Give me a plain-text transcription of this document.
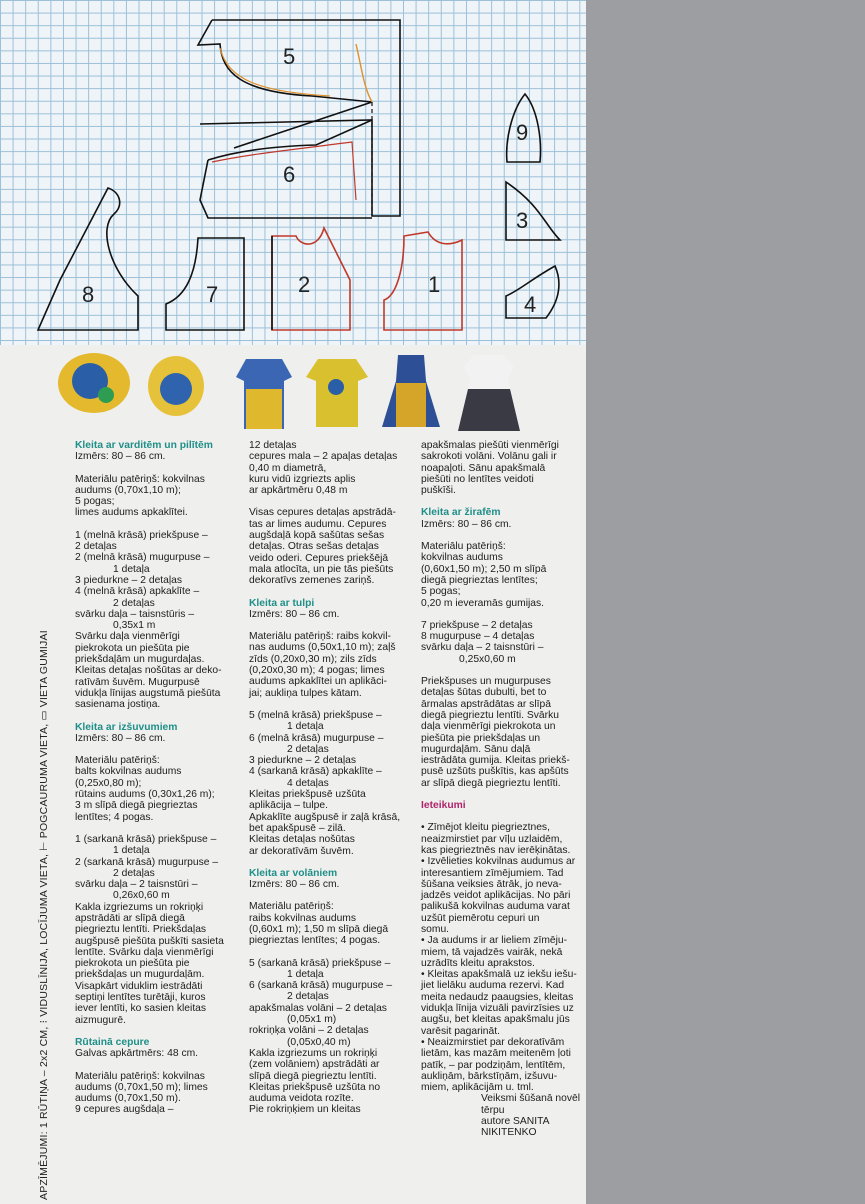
5
6
9
3
4
8	7	2	1
APZĪMĒJUMI: 1 RŪTIŅA – 2x2 CM, ⁝ VIDUSLĪNIJA, LOCĪJUMA VIETA, ⊢ POGCAURUMA VIETA, ▭ VIETA GUMIJAI

Kleita ar varditēm un pilītēm

Izmērs: 80 – 86 cm.

Materiālu patēriņš: kokvilnas

audums (0,70x1,10 m);

5 pogas;

limes audums apkaklītei.

1 (melnā krāsā) priekšpuse –

2 detaļas

2 (melnā krāsā) mugurpuse –

1 detaļa

3 piedurkne – 2 detaļas

4 (melnā krāsā) apkaklīte –

2 detaļas

svārku daļa – taisnstūris –

0,35x1 m

Svārku daļa vienmērīgi

piekrokota un piešūta pie

priekšdaļām un mugurdaļas.

Kleitas detaļas nošūtas ar deko-

ratīvām šuvēm. Mugurpusē

vidukļa līnijas augstumā piešūta

sasienama jostiņa.

Kleita ar izšuvumiem

Izmērs: 80 – 86 cm.

Materiālu patēriņš:

balts kokvilnas audums

(0,25x0,80 m);

rūtains audums (0,30x1,26 m);

3 m slīpā diegā piegrieztas

lentītes; 4 pogas.

1 (sarkanā krāsā) priekšpuse –

1 detaļa

2 (sarkanā krāsā) mugurpuse –

2 detaļas

svārku daļa – 2 taisnstūri –

0,26x0,60 m

Kakla izgriezums un rokriņķi

apstrādāti ar slīpā diegā

piegrieztu lentīti. Priekšdaļas

augšpusē piešūta puškīti sasieta

lentīte. Svārku daļa vienmērīgi

piekrokota un piešūta pie

priekšdaļas un mugurdaļām.

Visapkārt viduklim iestrādāti

septiņi lentītes turētāji, kuros

iever lentīti, ko sasien kleitas

aizmugurē.

Rūtainā cepure

Galvas apkārtmērs: 48 cm.

Materiālu patēriņš: kokvilnas

audums (0,70x1,50 m); limes

audums (0,70x1,50 m).

9 cepures augšdaļa –

12 detaļas

cepures mala – 2 apaļas detaļas

0,40 m diametrā,

kuru vidū izgriezts aplis

ar apkārtmēru 0,48 m

Visas cepures detaļas apstrādā-

tas ar limes audumu. Cepures

augšdaļā kopā sašūtas sešas

detaļas. Otras sešas detaļas

veido oderi. Cepures priekšējā

mala atlocīta, un pie tās piešūts

dekoratīvs zemenes zariņš.

Kleita ar tulpi

Izmērs: 80 – 86 cm.

Materiālu patēriņš: raibs kokvil-

nas audums (0,50x1,10 m); zaļš

zīds (0,20x0,30 m); zils zīds

(0,20x0,30 m); 4 pogas; limes

audums apkaklītei un aplikāci-

jai; aukliņa tulpes kātam.

5 (melnā krāsā) priekšpuse –

1 detaļa

6 (melnā krāsā) mugurpuse –

2 detaļas

3 piedurkne – 2 detaļas

4 (sarkanā krāsā) apkaklīte –

4 detaļas

Kleitas priekšpusē uzšūta

aplikācija – tulpe.

Apkaklīte augšpusē ir zaļā krāsā,

bet apakšpusē – zilā.

Kleitas detaļas nošūtas

ar dekoratīvām šuvēm.

Kleita ar volāniem

Izmērs: 80 – 86 cm.

Materiālu patēriņš:

raibs kokvilnas audums

(0,60x1 m); 1,50 m slīpā diegā

piegrieztas lentītes; 4 pogas.

5 (sarkanā krāsā) priekšpuse –

1 detaļa

6 (sarkanā krāsā) mugurpuse –

2 detaļas

apakšmalas volāni – 2 detaļas

(0,05x1 m)

rokriņķa volāni – 2 detaļas

(0,05x0,40 m)

Kakla izgriezums un rokriņķi

(zem volāniem) apstrādāti ar

slīpā diegā piegrieztu lentīti.

Kleitas priekšpusē uzšūta no

auduma veidota rozīte.

Pie rokriņķiem un kleitas

apakšmalas piešūti vienmērīgi

sakrokoti volāni. Volānu gali ir

noapaļoti. Sānu apakšmalā

piešūti no lentītes veidoti

puškīši.

Kleita ar žirafēm

Izmērs: 80 – 86 cm.

Materiālu patēriņš:

kokvilnas audums

(0,60x1,50 m); 2,50 m slīpā

diegā piegrieztas lentītes;

5 pogas;

0,20 m ieveramās gumijas.

7 priekšpuse – 2 detaļas

8 mugurpuse – 4 detaļas

svārku daļa – 2 taisnstūri –

0,25x0,60 m

Priekšpuses un mugurpuses

detaļas šūtas dubulti, bet to

ārmalas apstrādātas ar slīpā

diegā piegrieztu lentīti. Svārku

daļa vienmērīgi piekrokota un

piešūta pie priekšdaļas un

mugurdaļām. Sānu daļā

iestrādāta gumija. Kleitas priekš-

pusē uzšūts puškītis, kas apšūts

ar slīpā diegā piegrieztu lentīti.

Ieteikumi

• Zīmējot kleitu piegrieztnes,

neaizmirstiet par vīļu uzlaidēm,

kas piegrieztnēs nav ierēķinātas.

• Izvēlieties kokvilnas audumus ar

interesantiem zīmējumiem. Tad

šūšana veiksies ātrāk, jo neva-

jadzēs veidot aplikācijas. No pāri

palikušā kokvilnas auduma varat

uzšūt piemērotu cepuri un

somu.

• Ja audums ir ar lieliem zīmēju-

miem, tā vajadzēs vairāk, nekā

uzrādīts kleitu aprakstos.

• Kleitas apakšmalā uz iekšu iešu-

jiet lielāku auduma rezervi. Kad

meita nedaudz paaugsies, kleitas

vidukļa līnija vizuāli pavirzīsies uz

augšu, bet kleitas apakšmalu jūs

varēsit pagarināt.

• Neaizmirstiet par dekoratīvām

lietām, kas mazām meitenēm ļoti

patīk, – par podziņām, lentītēm,

aukliņām, bārkstīņām, izšuvu-

miem, aplikācijām u. tml.

Veiksmi šūšanā novēl tērpu

autore SANITA NIKITENKO
